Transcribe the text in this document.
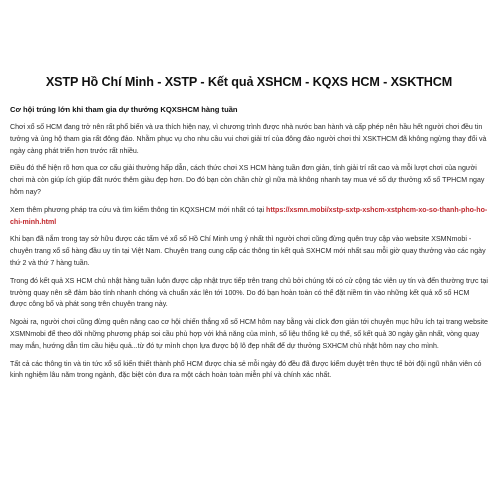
XSTP Hồ Chí Minh - XSTP - Kết quả XSHCM - KQXS HCM - XSKTHCM
Cơ hội trúng lớn khi tham gia dự thưởng KQXSHCM hàng tuần

Chơi xổ số HCM đang trở nên rất phổ biến và ưa thích hiện nay, vì chương trình được nhà nước ban hành và cấp phép nên hầu hết người chơi đều tin tưởng và ủng hộ tham gia rất đông đảo. Nhằm phục vụ cho nhu cầu vui chơi giải trí của đông đảo người chơi thì XSKTHCM đã không ngừng thay đổi và ngày càng phát triển hơn trước rất nhiều.

Điều đó thể hiện rõ hơn qua cơ cấu giải thưởng hấp dẫn, cách thức chơi XS HCM hàng tuần đơn giản, tính giải trí rất cao và mỗi lượt chơi của người chơi mà còn giúp ích giúp đất nước thêm giàu đẹp hơn. Do đó bạn còn chần chừ gì nữa mà không nhanh tay mua vé số dự thưởng xổ số TPHCM ngay hôm nay?

Xem thêm phương pháp tra cứu và tìm kiếm thông tin KQXSHCM mới nhất có tại https://xsmn.mobi/xstp-sxtp-xshcm-xstphcm-xo-so-thanh-pho-ho-chi-minh.html

Khi bạn đã nắm trong tay sở hữu được các tấm vé xổ số Hồ Chí Minh ưng ý nhất thì người chơi cũng đừng quên truy cập vào website XSMNmobi - chuyên trang xổ số hàng đầu uy tín tại Việt Nam. Chuyên trang cung cấp các thông tin kết quả SXHCM mới nhất sau mỗi giờ quay thưởng vào các ngày thứ 2 và thứ 7 hàng tuần.

Trong đó kết quả XS HCM chủ nhật hàng tuần luôn được cập nhật trực tiếp trên trang chủ bởi chúng tôi có cử cộng tác viên uy tín và đến thường trực tại trường quay nên sẽ đảm bảo tính nhanh chóng và chuẩn xác lên tới 100%. Do đó bạn hoàn toàn có thể đặt niềm tin vào những kết quả xổ số HCM được công bố và phát song trên chuyên trang này.

Ngoài ra, người chơi cũng đừng quên nâng cao cơ hội chiến thắng xổ số HCM hôm nay bằng vài click đơn giản tới chuyên mục hữu ích tại trang website XSMNmobi để theo dõi những phương pháp soi cầu phù hợp với khả năng của mình, số liệu thống kê cụ thể, số kết quả 30 ngày gần nhất, vòng quay may mắn, hướng dẫn tìm cầu hiệu quả...từ đó tự mình chọn lựa được bộ lô đẹp nhất để dự thưởng SXHCM chủ nhật hôm nay cho mình.

Tất cả các thông tin và tin tức xổ số kiến thiết thành phố HCM được chia sẻ mỗi ngày đó đều đã được kiểm duyệt trên thực tế bởi đội ngũ nhân viên có kinh nghiệm lâu năm trong ngành, đặc biệt còn đưa ra một cách hoàn toàn miễn phí và chính xác nhất.
